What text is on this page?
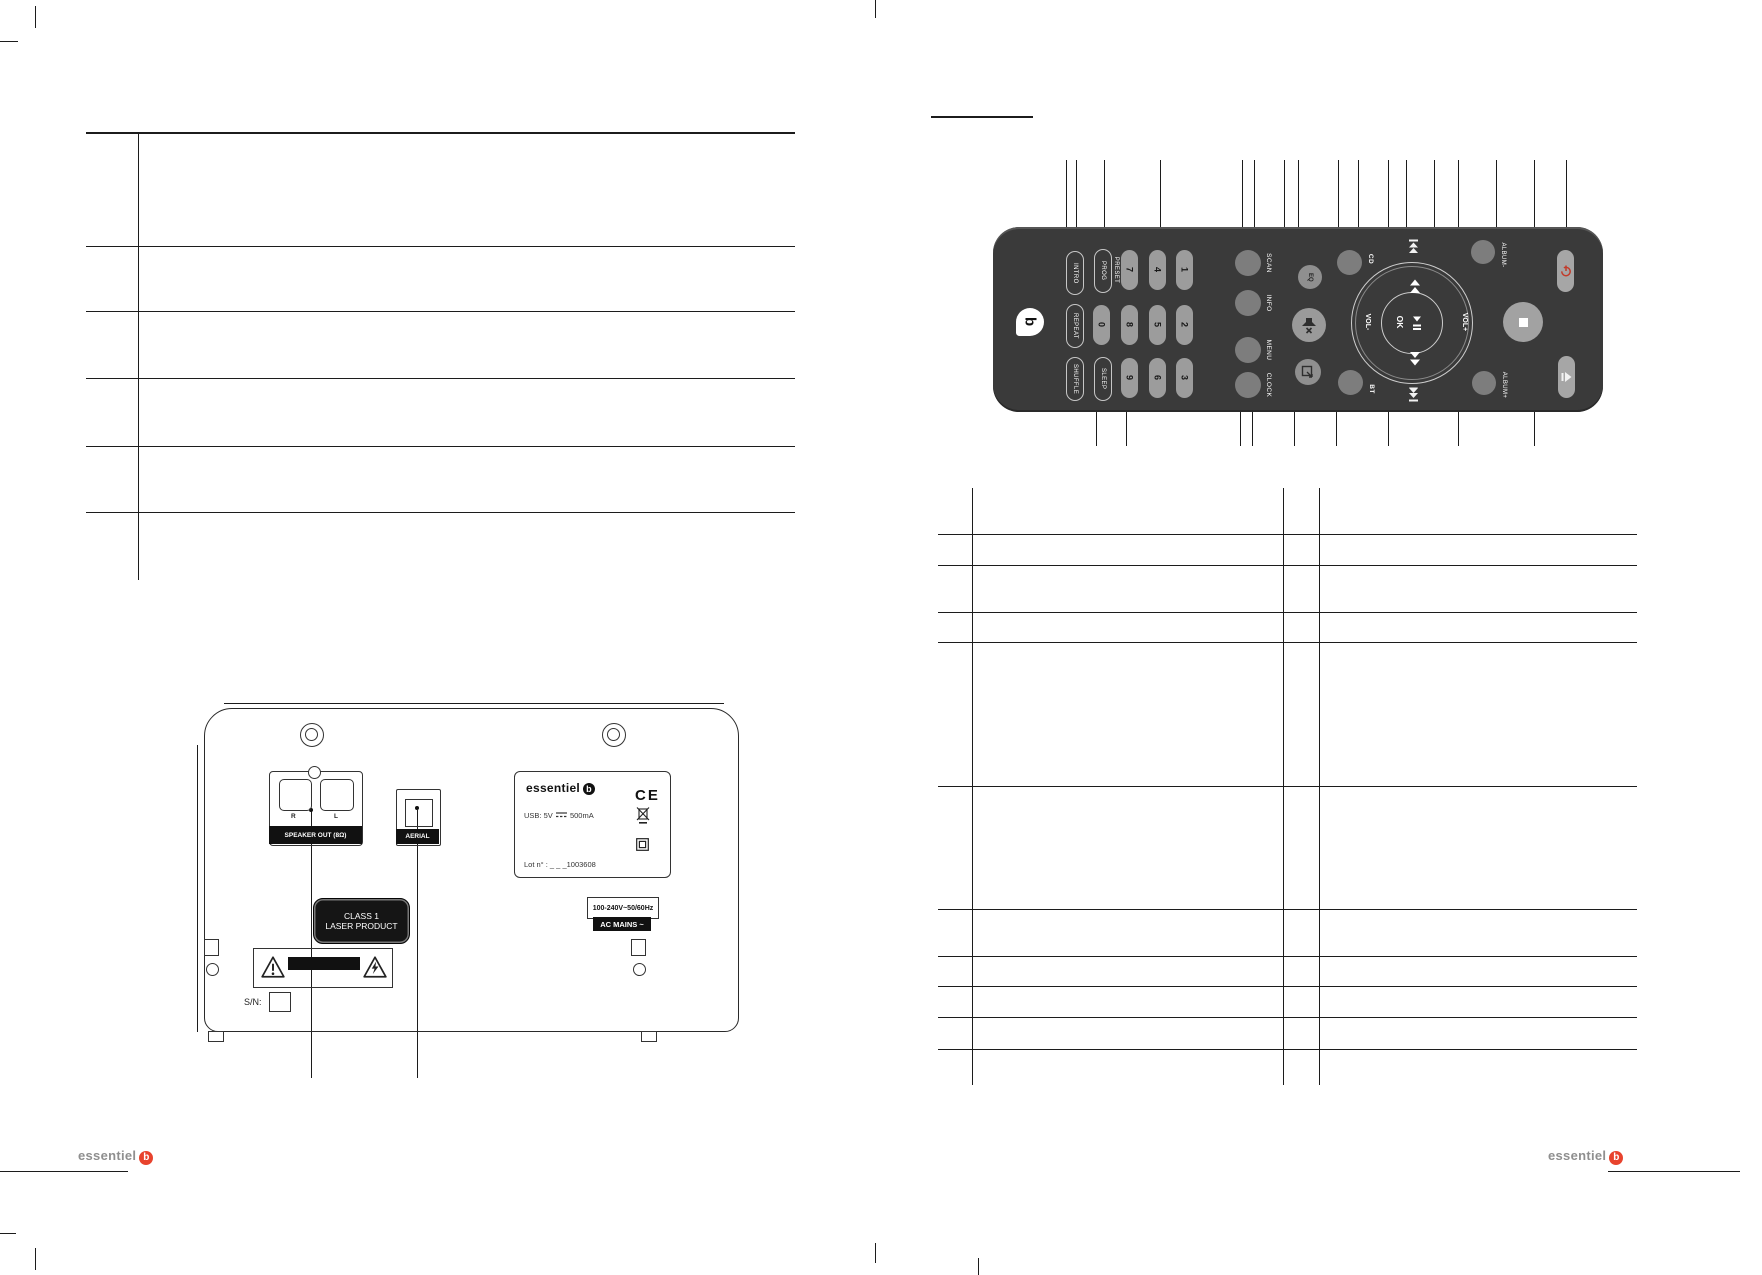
R	L
SPEAKER OUT (8Ω)	AERIAL
essentiel b	CE
USB: 5V 500mA
Lot n° : _ _ _1003608
100-240V~50/60Hz
AC MAINS ~
CLASS 1
LASER PRODUCT
S/N:
b
INTRO
REPEAT
SHUFFLE
PROG PRESET
0
SLEEP
7
8
9
4
5
6
1
2
3
SCAN
INFO
MENU
CLOCK
EQ
CD
BT
VOL-	VOL+
OK
ALBUM-
ALBUM+
essentiel b	essentiel b
